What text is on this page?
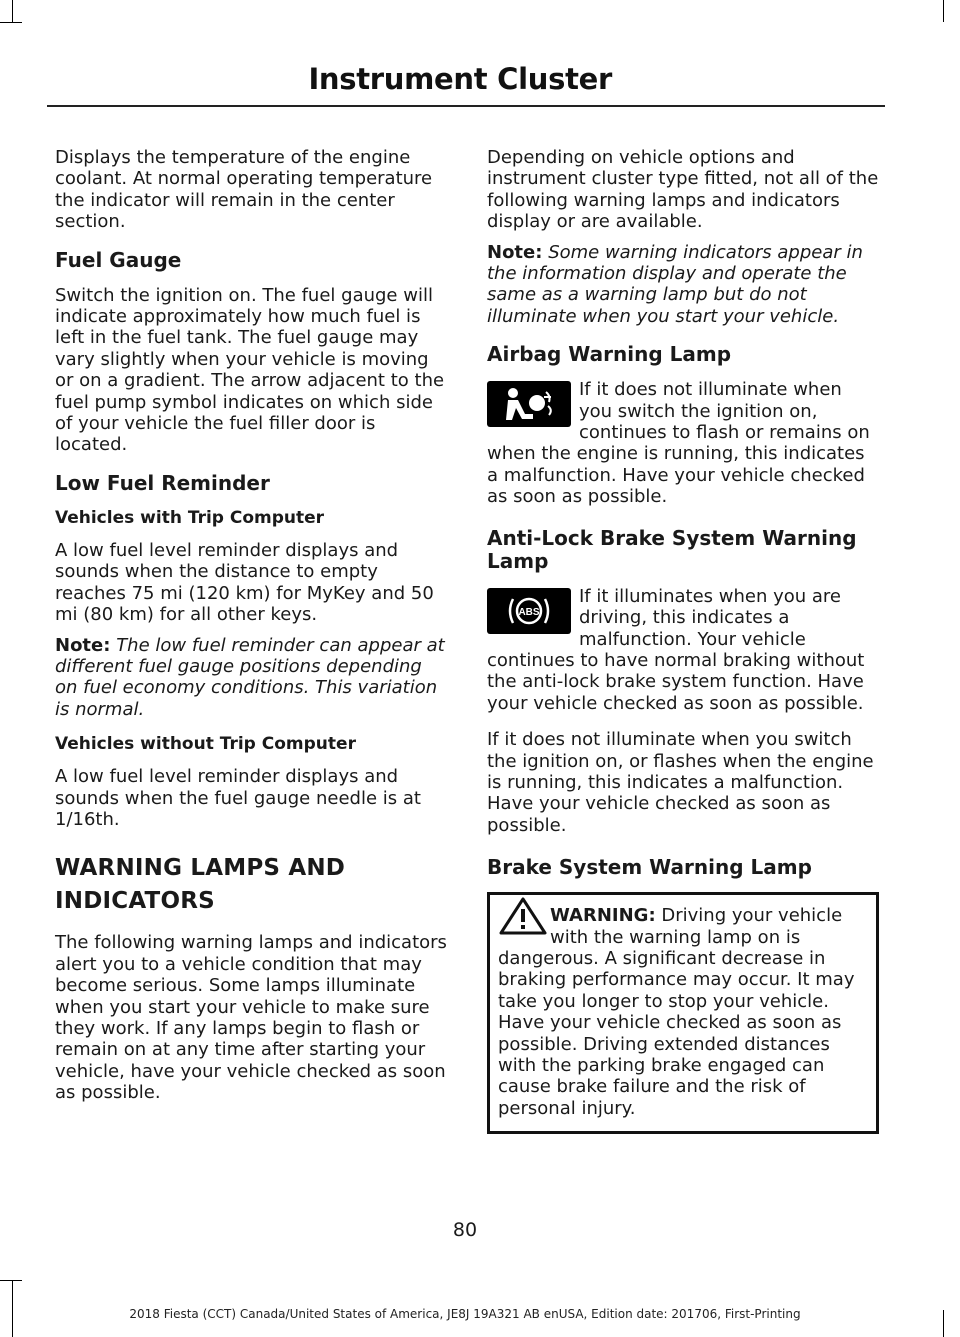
Instrument Cluster

Displays the temperature of the engine coolant. At normal operating temperature the indicator will remain in the center section.

Fuel Gauge

Switch the ignition on. The fuel gauge will indicate approximately how much fuel is left in the fuel tank. The fuel gauge may vary slightly when your vehicle is moving or on a gradient. The arrow adjacent to the fuel pump symbol indicates on which side of your vehicle the fuel filler door is located.

Low Fuel Reminder
Vehicles with Trip Computer

A low fuel level reminder displays and sounds when the distance to empty reaches 75 mi (120 km) for MyKey and 50 mi (80 km) for all other keys.

Note: The low fuel reminder can appear at different fuel gauge positions depending on fuel economy conditions. This variation is normal.

Vehicles without Trip Computer

A low fuel level reminder displays and sounds when the fuel gauge needle is at 1/16th.

WARNING LAMPS AND
INDICATORS

The following warning lamps and indicators alert you to a vehicle condition that may become serious. Some lamps illuminate when you start your vehicle to make sure they work. If any lamps begin to flash or remain on at any time after starting your vehicle, have your vehicle checked as soon as possible.

Depending on vehicle options and instrument cluster type fitted, not all of the following warning lamps and indicators display or are available.

Note: Some warning indicators appear in the information display and operate the same as a warning lamp but do not illuminate when you start your vehicle.

Airbag Warning Lamp

If it does not illuminate when you switch the ignition on, continues to flash or remains on when the engine is running, this indicates a malfunction. Have your vehicle checked as soon as possible.

Anti-Lock Brake System Warning Lamp
ABS

If it illuminates when you are driving, this indicates a malfunction. Your vehicle continues to have normal braking without the anti-lock brake system function. Have your vehicle checked as soon as possible.

If it does not illuminate when you switch the ignition on, or flashes when the engine is running, this indicates a malfunction. Have your vehicle checked as soon as possible.

Brake System Warning Lamp
WARNING: Driving your vehicle with the warning lamp on is dangerous. A significant decrease in braking performance may occur. It may take you longer to stop your vehicle. Have your vehicle checked as soon as possible. Driving extended distances with the parking brake engaged can cause brake failure and the risk of personal injury.
80
2018 Fiesta (CCT) Canada/United States of America, JE8J 19A321 AB enUSA, Edition date: 201706, First-Printing
